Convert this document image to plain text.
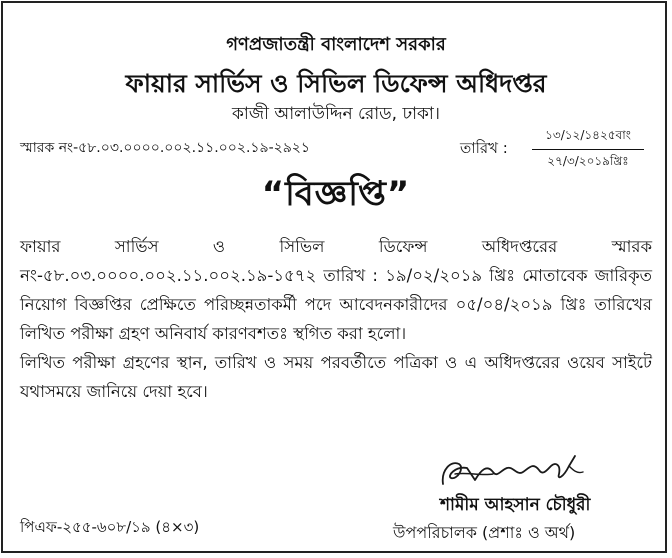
গণপ্রজাতন্ত্রী বাংলাদেশ সরকার
ফায়ার সার্ভিস ও সিভিল ডিফেন্স অধিদপ্তর
কাজী আলাউদ্দিন রোড, ঢাকা।
স্মারক নং-৫৮.০৩.০০০০.০০২.১১.০০২.১৯-২৯২১	তারিখ :
১৩/১২/১৪২৫বাং
২৭/৩/২০১৯খ্রিঃ
“বিজ্ঞপ্তি”

ফায়ার সার্ভিস ও সিভিল ডিফেন্স অধিদপ্তরের স্মারক নং-৫৮.০৩.০০০০.০০২.১১.০০২.১৯-১৫৭২ তারিখ : ১৯/০২/২০১৯ খ্রিঃ মোতাবেক জারিকৃত নিয়োগ বিজ্ঞপ্তির প্রেক্ষিতে পরিচ্ছন্নতাকর্মী পদে আবেদনকারীদের ০৫/০৪/২০১৯ খ্রিঃ তারিখের লিখিত পরীক্ষা গ্রহণ অনিবার্য কারণবশতঃ স্থগিত করা হলো।

লিখিত পরীক্ষা গ্রহণের স্থান, তারিখ ও সময় পরবর্তীতে পত্রিকা ও এ অধিদপ্তরের ওয়েব সাইটে যথাসময়ে জানিয়ে দেয়া হবে।

শামীম আহসান চৌধুরী
উপপরিচালক (প্রশাঃ ও অর্থ)
পিএফ-২৫৫-৬০৮/১৯ (৪×৩)
